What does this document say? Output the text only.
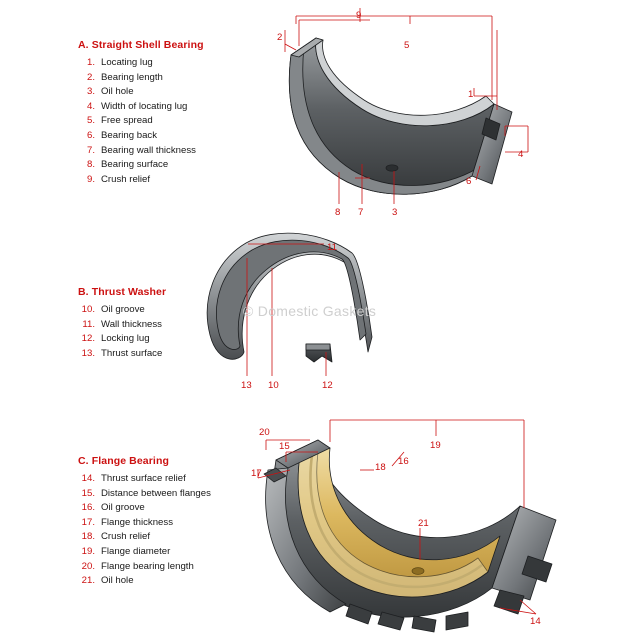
© Domestic Gaskets
A. Straight Shell Bearing
1. Locating lug
2. Bearing length
3. Oil hole
4. Width of locating lug
5. Free spread
6. Bearing back
7. Bearing wall thickness
8. Bearing surface
9. Crush relief
B. Thrust Washer
10. Oil groove
11. Wall thickness
12. Locking lug
13. Thrust surface
C. Flange Bearing
14. Thrust surface relief
15. Distance between flanges
16. Oil groove
17. Flange thickness
18. Crush relief
19. Flange diameter
20. Flange bearing length
21. Oil hole
9
2
5
1
4
6
8 7	3
11
13 10	12
20
15	19
17
18
16
21
14
